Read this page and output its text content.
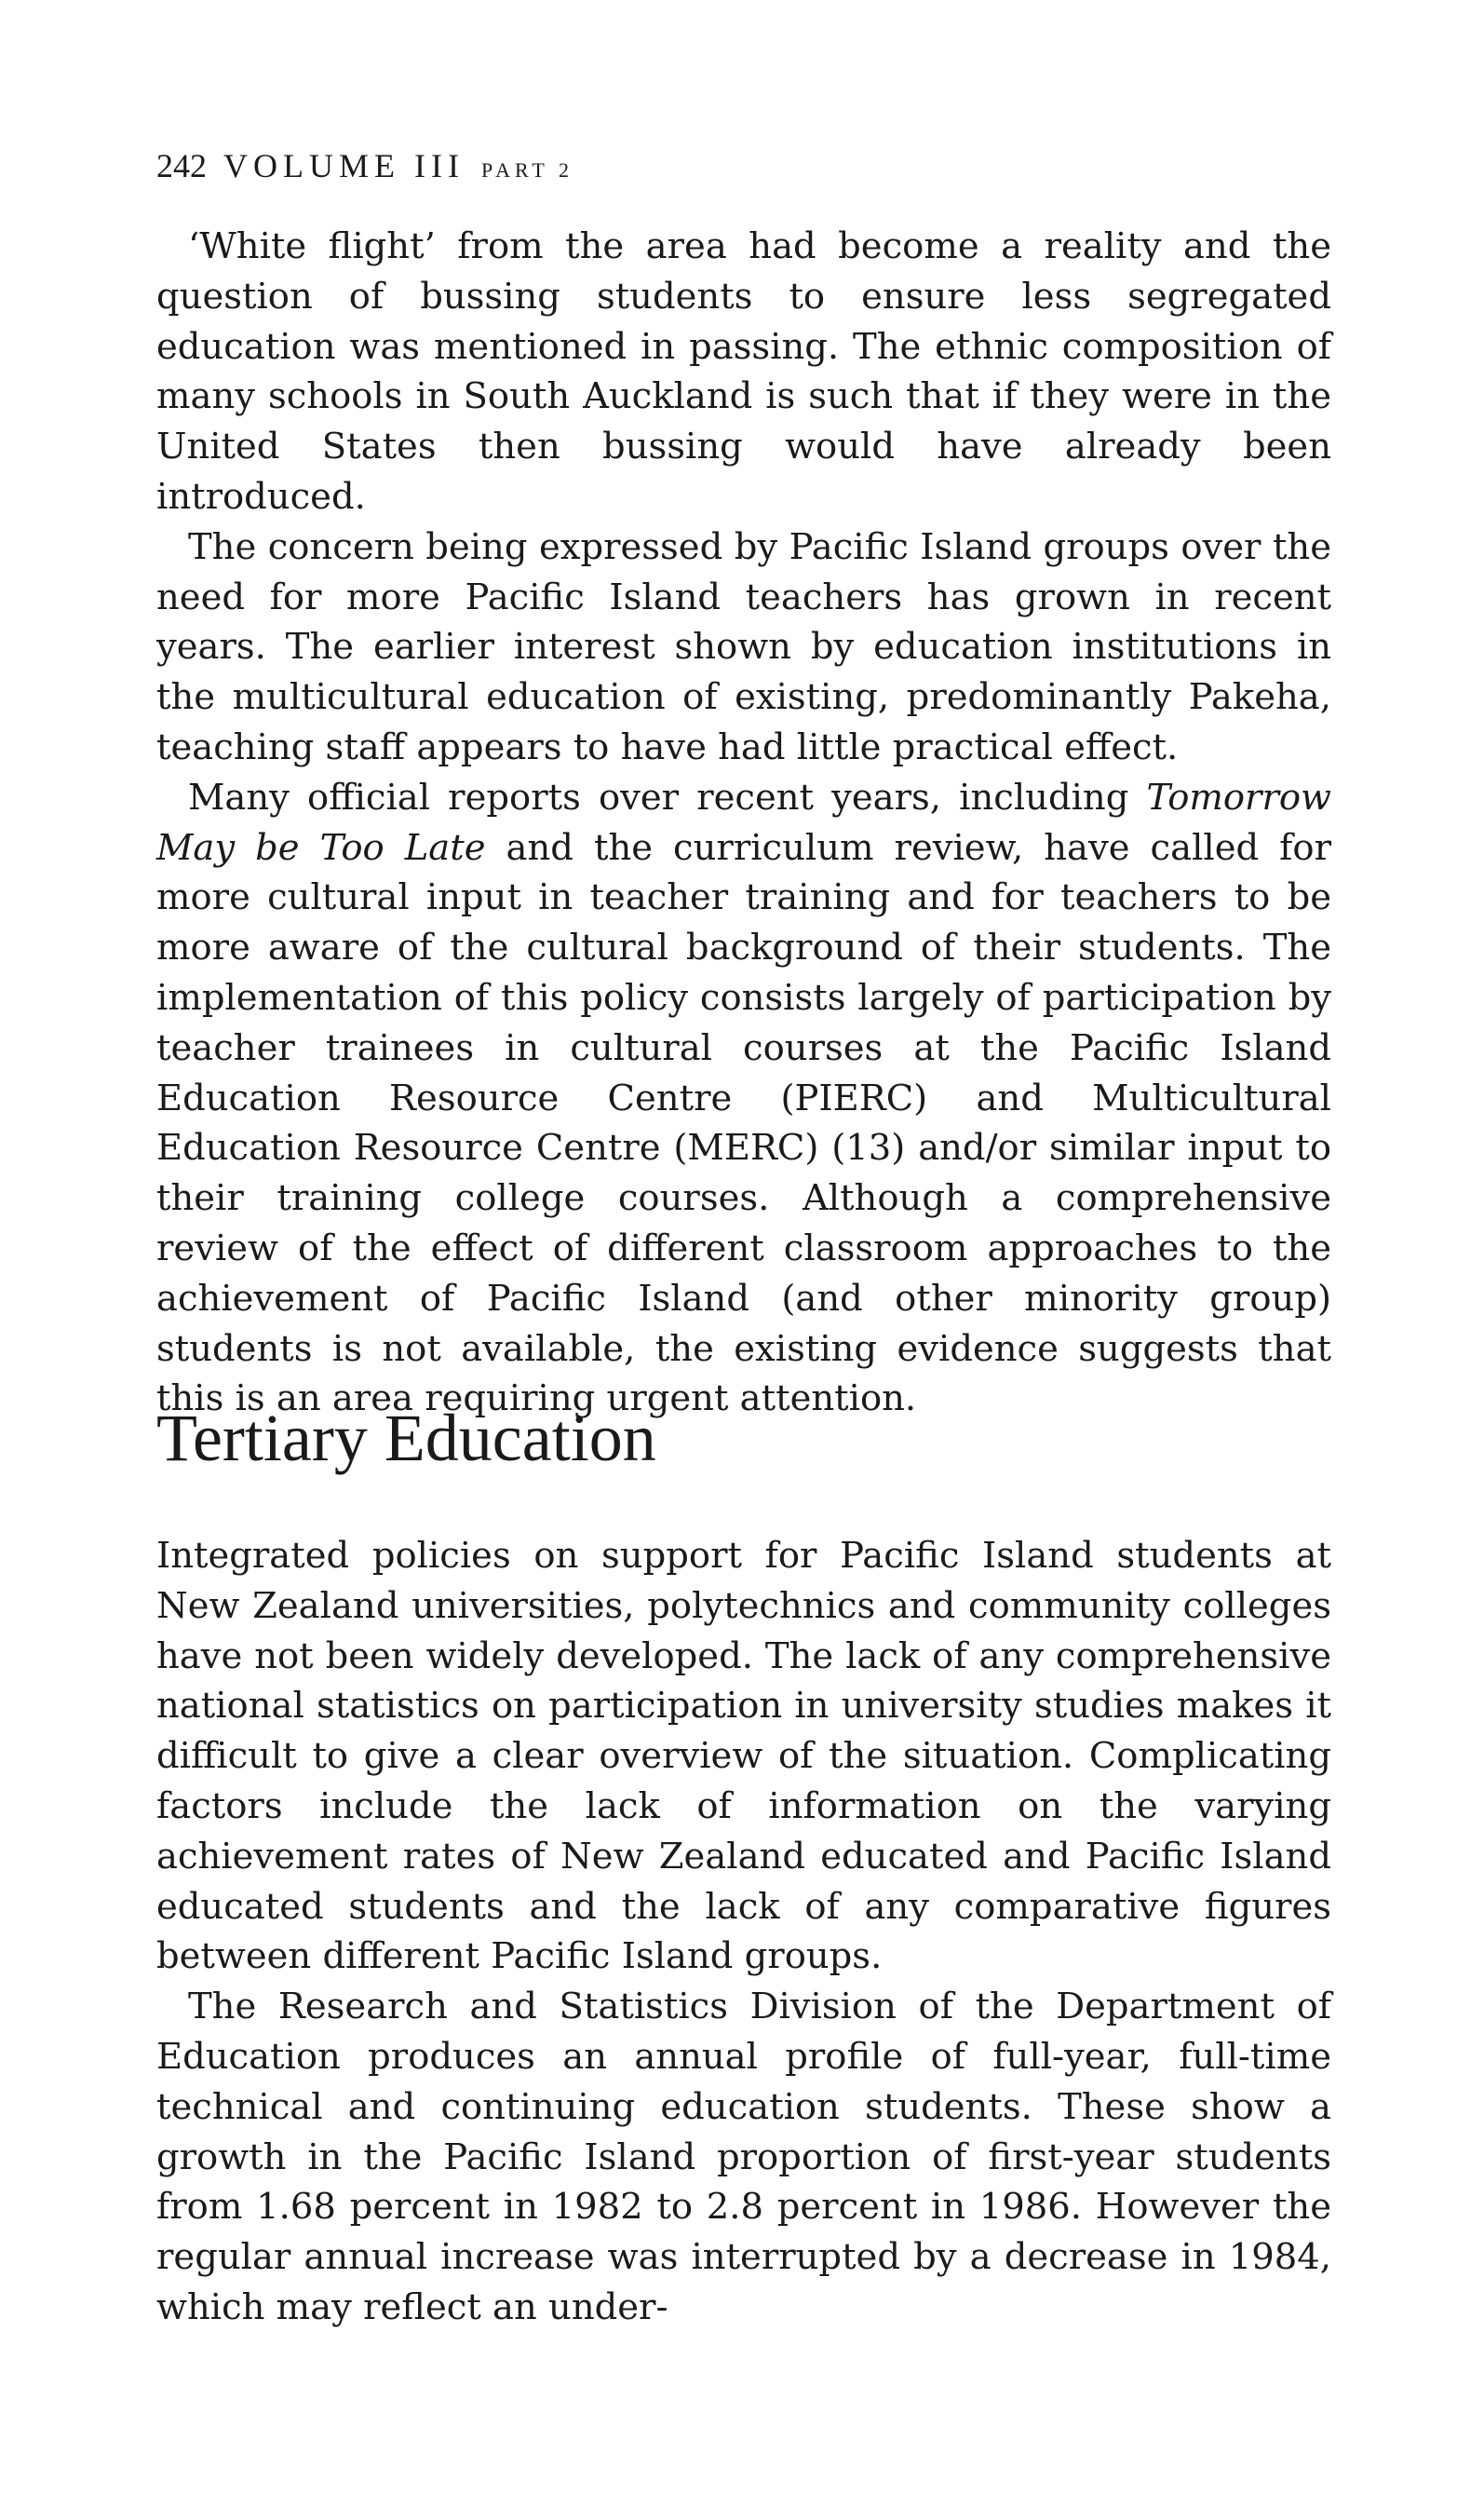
242 VOLUME III PART 2

‘White flight’ from the area had become a reality and the question of bussing students to ensure less segregated education was mentioned in passing. The ethnic composition of many schools in South Auckland is such that if they were in the United States then bussing would have already been introduced.

The concern being expressed by Pacific Island groups over the need for more Pacific Island teachers has grown in recent years. The earlier interest shown by education institutions in the multicultural education of existing, predominantly Pakeha, teaching staff appears to have had little practical effect.

Many official reports over recent years, including Tomorrow May be Too Late and the curriculum review, have called for more cultural input in teacher training and for teachers to be more aware of the cultural background of their students. The implementation of this policy consists largely of participation by teacher trainees in cultural courses at the Pacific Island Education Resource Centre (PIERC) and Multicultural Education Resource Centre (MERC) (13) and/or similar input to their training college courses. Although a comprehensive review of the effect of different classroom approaches to the achievement of Pacific Island (and other minority group) students is not available, the existing evidence suggests that this is an area requiring urgent attention.

Tertiary Education

Integrated policies on support for Pacific Island students at New Zealand universities, polytechnics and community colleges have not been widely developed. The lack of any comprehensive national statistics on participation in university studies makes it difficult to give a clear overview of the situation. Complicating factors include the lack of information on the varying achievement rates of New Zealand educated and Pacific Island educated students and the lack of any comparative figures between different Pacific Island groups.

The Research and Statistics Division of the Department of Education produces an annual profile of full-year, full-time technical and continuing education students. These show a growth in the Pacific Island proportion of first-year students from 1.68 percent in 1982 to 2.8 percent in 1986. However the regular annual increase was interrupted by a decrease in 1984, which may reflect an under-
